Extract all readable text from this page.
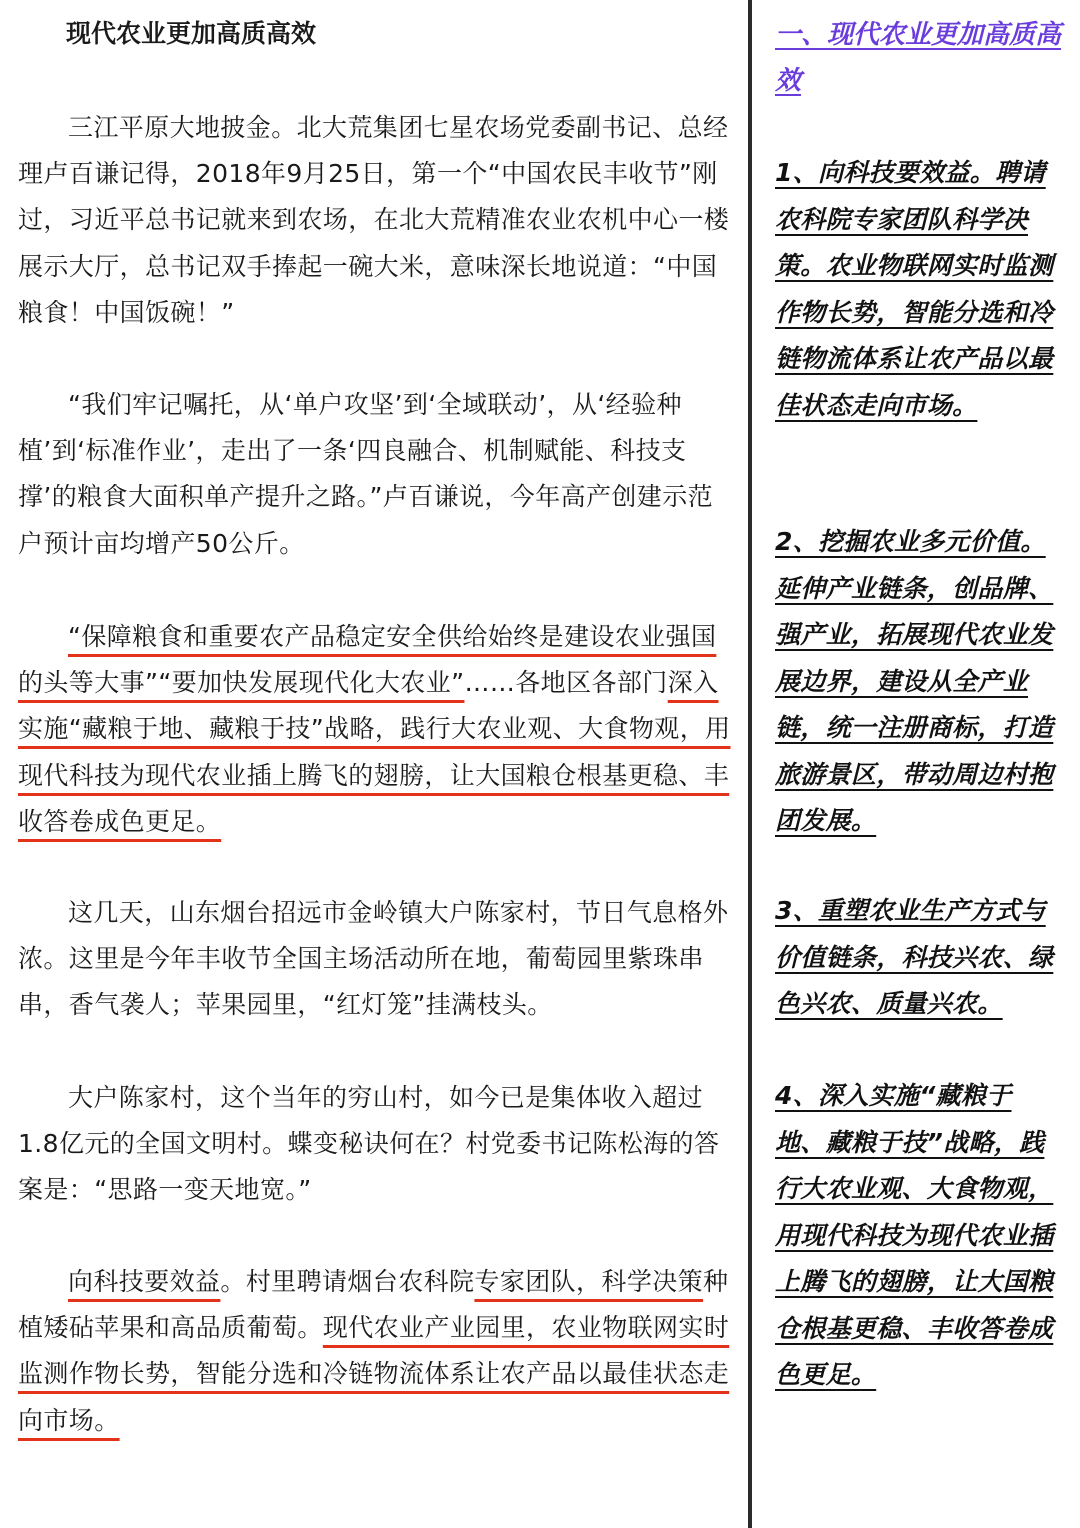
现代农业更加高质高效

三江平原大地披金。北大荒集团七星农场党委副书记、总经理卢百谦记得，2018年9月25日，第一个“中国农民丰收节”刚过，习近平总书记就来到农场，在北大荒精准农业农机中心一楼展示大厅，总书记双手捧起一碗大米，意味深长地说道：“中国粮食！中国饭碗！”

“我们牢记嘱托，从‘单户攻坚’到‘全域联动’，从‘经验种植’到‘标准作业’，走出了一条‘四良融合、机制赋能、科技支撑’的粮食大面积单产提升之路。”卢百谦说，今年高产创建示范户预计亩均增产50公斤。

“保障粮食和重要农产品稳定安全供给始终是建设农业强国的头等大事”“要加快发展现代化大农业”……各地区各部门深入实施“藏粮于地、藏粮于技”战略，践行大农业观、大食物观，用现代科技为现代农业插上腾飞的翅膀，让大国粮仓根基更稳、丰收答卷成色更足。

这几天，山东烟台招远市金岭镇大户陈家村，节日气息格外浓。这里是今年丰收节全国主场活动所在地，葡萄园里紫珠串串，香气袭人；苹果园里，“红灯笼”挂满枝头。

大户陈家村，这个当年的穷山村，如今已是集体收入超过1.8亿元的全国文明村。蝶变秘诀何在？村党委书记陈松海的答案是：“思路一变天地宽。”

向科技要效益。村里聘请烟台农科院专家团队，科学决策种植矮砧苹果和高品质葡萄。现代农业产业园里，农业物联网实时监测作物长势，智能分选和冷链物流体系让农产品以最佳状态走向市场。

一、现代农业更加高质高效

1、向科技要效益。聘请农科院专家团队科学决策。农业物联网实时监测作物长势，智能分选和冷链物流体系让农产品以最佳状态走向市场。

2、挖掘农业多元价值。延伸产业链条，创品牌、强产业，拓展现代农业发展边界，建设从全产业链，统一注册商标，打造旅游景区，带动周边村抱团发展。

3、重塑农业生产方式与价值链条，科技兴农、绿色兴农、质量兴农。

4、深入实施“藏粮于地、藏粮于技”战略，践行大农业观、大食物观，用现代科技为现代农业插上腾飞的翅膀，让大国粮仓根基更稳、丰收答卷成色更足。
